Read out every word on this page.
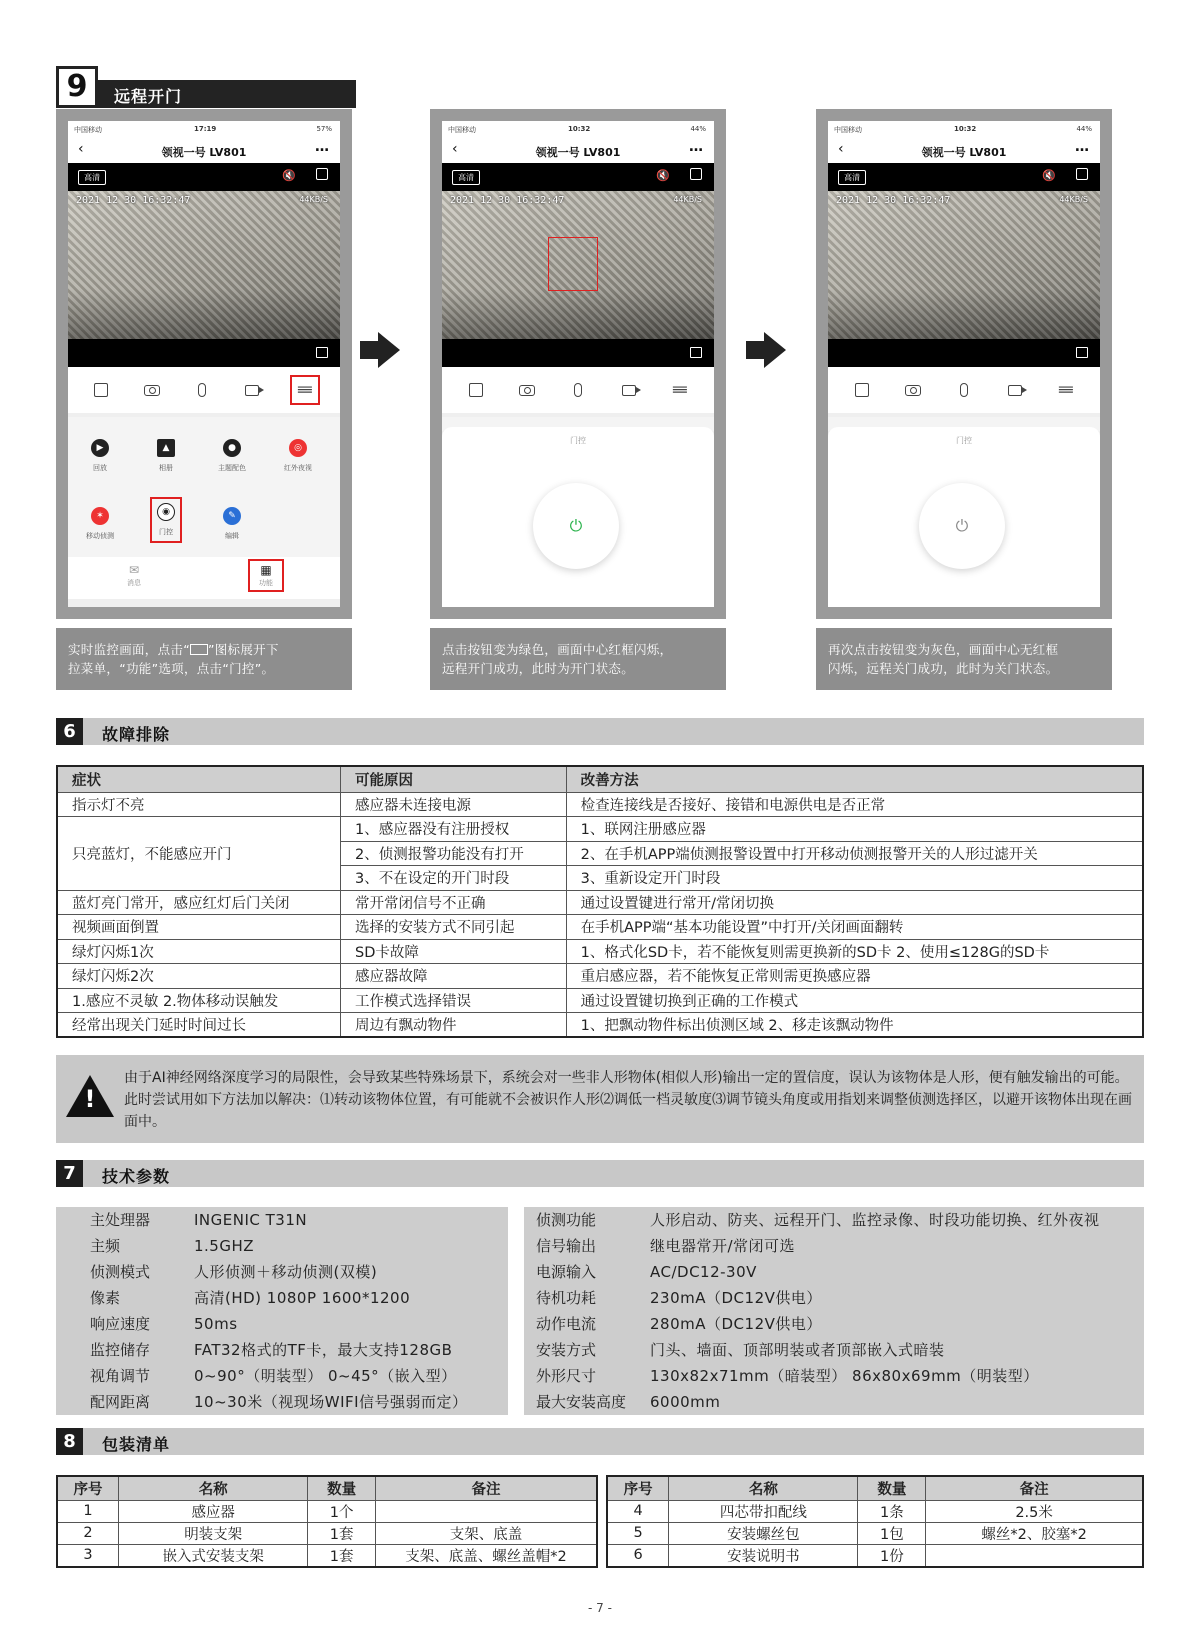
9	远程开门
中国移动	17:19	57%
‹	领视一号 LV801	…
高清	🔇
2021 12 30 16:32:47	44KB/S
≡
▶
回放
▲
相册
●
主题配色
◎
红外夜视
✶
移动侦测
◉
门控
✎
编辑
✉
消息
▦
功能
中国移动	10:32	44%
‹	领视一号 LV801	…
高清	🔇
2021 12 30 16:32:47	44KB/S
≡
门控
⏻
中国移动	10:32	44%
‹	领视一号 LV801	…
高清	🔇
2021 12 30 16:32:47	44KB/S
≡
门控
⏻
实时监控画面，点击“ ”图标展开下
拉菜单，“功能”选项，点击“门控”。
点击按钮变为绿色，画面中心红框闪烁，
远程开门成功，此时为开门状态。
再次点击按钮变为灰色，画面中心无红框
闪烁，远程关门成功，此时为关门状态。
6	故障排除
症状	可能原因	改善方法
指示灯不亮	感应器未连接电源	检查连接线是否接好、接错和电源供电是否正常
只亮蓝灯，不能感应开门	1、感应器没有注册授权	1、联网注册感应器
	2、侦测报警功能没有打开	2、在手机APP端侦测报警设置中打开移动侦测报警开关的人形过滤开关
	3、不在设定的开门时段	3、重新设定开门时段
蓝灯亮门常开，感应红灯后门关闭	常开常闭信号不正确	通过设置键进行常开/常闭切换
视频画面倒置	选择的安装方式不同引起	在手机APP端“基本功能设置”中打开/关闭画面翻转
绿灯闪烁1次	SD卡故障	1、格式化SD卡，若不能恢复则需更换新的SD卡 2、使用≤128G的SD卡
绿灯闪烁2次	感应器故障	重启感应器，若不能恢复正常则需更换感应器
1.感应不灵敏 2.物体移动误触发	工作模式选择错误	通过设置键切换到正确的工作模式
经常出现关门延时时间过长	周边有飘动物件	1、把飘动物件标出侦测区域 2、移走该飘动物件
!
由于AI神经网络深度学习的局限性，会导致某些特殊场景下，系统会对一些非人形物体(相似人形)输出一定的置信度，误认为该物体是人形，便有触发输出的可能。此时尝试用如下方法加以解决：⑴转动该物体位置，有可能就不会被识作人形⑵调低一档灵敏度⑶调节镜头角度或用指划来调整侦测选择区，以避开该物体出现在画面中。
7	技术参数
主处理器	INGENIC T31N
主频	1.5GHZ
侦测模式	人形侦测＋移动侦测(双模)
像素	高清(HD) 1080P 1600*1200
响应速度	50ms
监控储存	FAT32格式的TF卡，最大支持128GB
视角调节	0~90°（明装型） 0~45°（嵌入型）
配网距离	10~30米（视现场WIFI信号强弱而定）
侦测功能	人形启动、防夹、远程开门、监控录像、时段功能切换、红外夜视
信号输出	继电器常开/常闭可选
电源输入	AC/DC12-30V
待机功耗	230mA（DC12V供电）
动作电流	280mA（DC12V供电）
安装方式	门头、墙面、顶部明装或者顶部嵌入式暗装
外形尺寸	130x82x71mm（暗装型） 86x80x69mm（明装型）
最大安装高度 6000mm
8	包装清单
序号	名称	数量	备注
1	感应器	1个	
2	明装支架	1套	支架、底盖
3	嵌入式安装支架	1套	支架、底盖、螺丝盖帽*2
序号	名称	数量	备注
4	四芯带扣配线	1条	2.5米
5	安装螺丝包	1包	螺丝*2、胶塞*2
6	安装说明书	1份	
- 7 -
